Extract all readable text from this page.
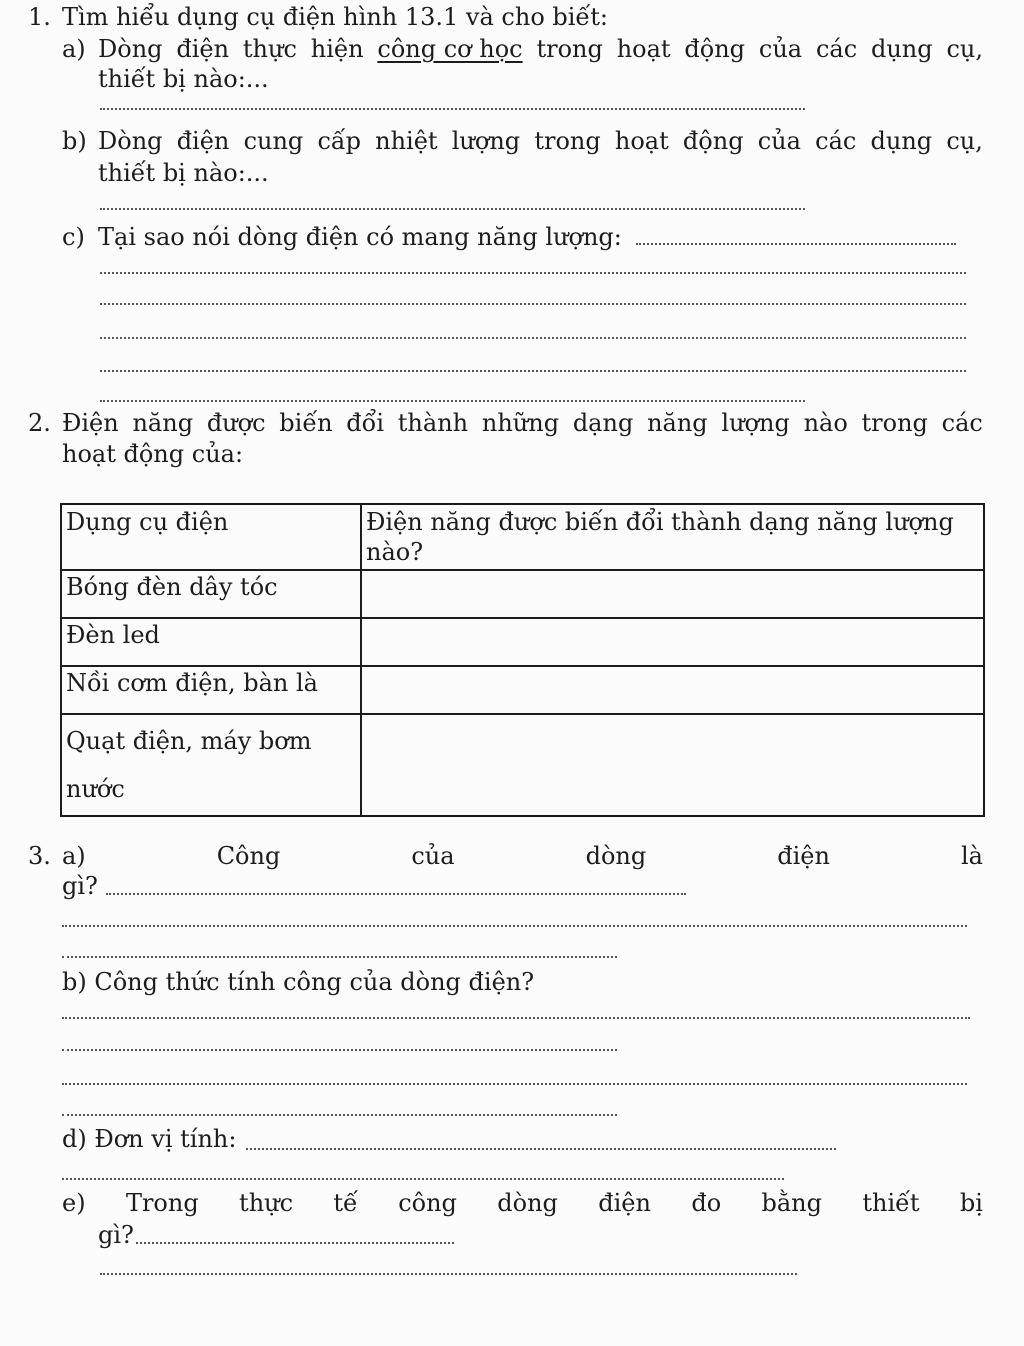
1. Tìm hiểu dụng cụ điện hình 13.1 và cho biết:
a) Dòng điện thực hiện công cơ học trong hoạt động của các dụng cụ,
thiết bị nào:...
b) Dòng điện cung cấp nhiệt lượng trong hoạt động của các dụng cụ,
thiết bị nào:...
c) Tại sao nói dòng điện có mang năng lượng:
2. Điện năng được biến đổi thành những dạng năng lượng nào trong các
hoạt động của:
Dụng cụ điện	Điện năng được biến đổi thành dạng năng lượng nào?
Bóng đèn dây tóc	
Đèn led	
Nồi cơm điện, bàn là	
Quạt điện, máy bơm nước	
3. a)	Công	của	dòng	điện	là
gì?
b) Công thức tính công của dòng điện?
d) Đơn vị tính:
e) Trong thực tế công dòng điện đo bằng thiết bị
gì?
